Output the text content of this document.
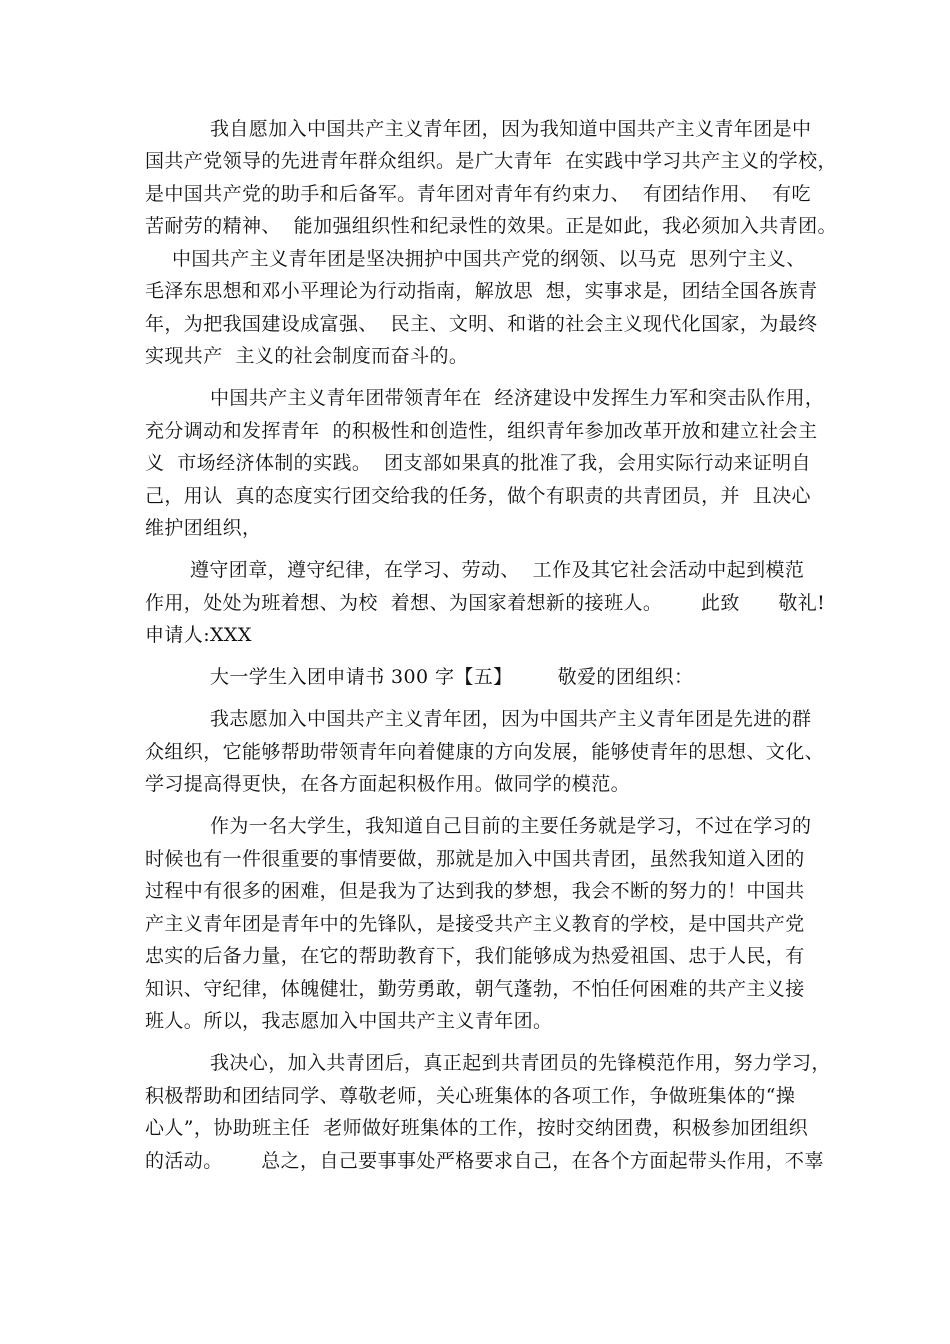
我自愿加入中国共产主义青年团，因为我知道中国共产主义青年团是中
国共产党领导的先进青年群众组织。是广大青年  在实践中学习共产主义的学校，
是中国共产党的助手和后备军。青年团对青年有约束力、  有团结作用、  有吃
苦耐劳的精神、  能加强组织性和纪录性的效果。正是如此，我必须加入共青团。
中国共产主义青年团是坚决拥护中国共产党的纲领、以马克  思列宁主义、
毛泽东思想和邓小平理论为行动指南，解放思  想，实事求是，团结全国各族青
年，为把我国建设成富强、  民主、文明、和谐的社会主义现代化国家，为最终
实现共产  主义的社会制度而奋斗的。
中国共产主义青年团带领青年在  经济建设中发挥生力军和突击队作用，
充分调动和发挥青年  的积极性和创造性，组织青年参加改革开放和建立社会主
义  市场经济体制的实践。  团支部如果真的批准了我，会用实际行动来证明自
己，用认  真的态度实行团交给我的任务，做个有职责的共青团员，并  且决心
维护团组织，
遵守团章，遵守纪律，在学习、劳动、  工作及其它社会活动中起到模范
作用，处处为班着想、为校  着想、为国家着想新的接班人。      此致      敬礼!
申请人:XXX
大一学生入团申请书 300 字【五】       敬爱的团组织：
我志愿加入中国共产主义青年团，因为中国共产主义青年团是先进的群
众组织，它能够帮助带领青年向着健康的方向发展，能够使青年的思想、文化、
学习提高得更快，在各方面起积极作用。做同学的模范。
作为一名大学生，我知道自己目前的主要任务就是学习，不过在学习的
时候也有一件很重要的事情要做，那就是加入中国共青团，虽然我知道入团的
过程中有很多的困难，但是我为了达到我的梦想，我会不断的努力的！中国共
产主义青年团是青年中的先锋队，是接受共产主义教育的学校，是中国共产党
忠实的后备力量，在它的帮助教育下，我们能够成为热爱祖国、忠于人民，有
知识、守纪律，体魄健壮，勤劳勇敢，朝气蓬勃，不怕任何困难的共产主义接
班人。所以，我志愿加入中国共产主义青年团。
我决心，加入共青团后，真正起到共青团员的先锋模范作用，努力学习，
积极帮助和团结同学、尊敬老师，关心班集体的各项工作，争做班集体的“操
心人”，协助班主任  老师做好班集体的工作，按时交纳团费，积极参加团组织
的活动。      总之，自己要事事处严格要求自己，在各个方面起带头作用，不辜
